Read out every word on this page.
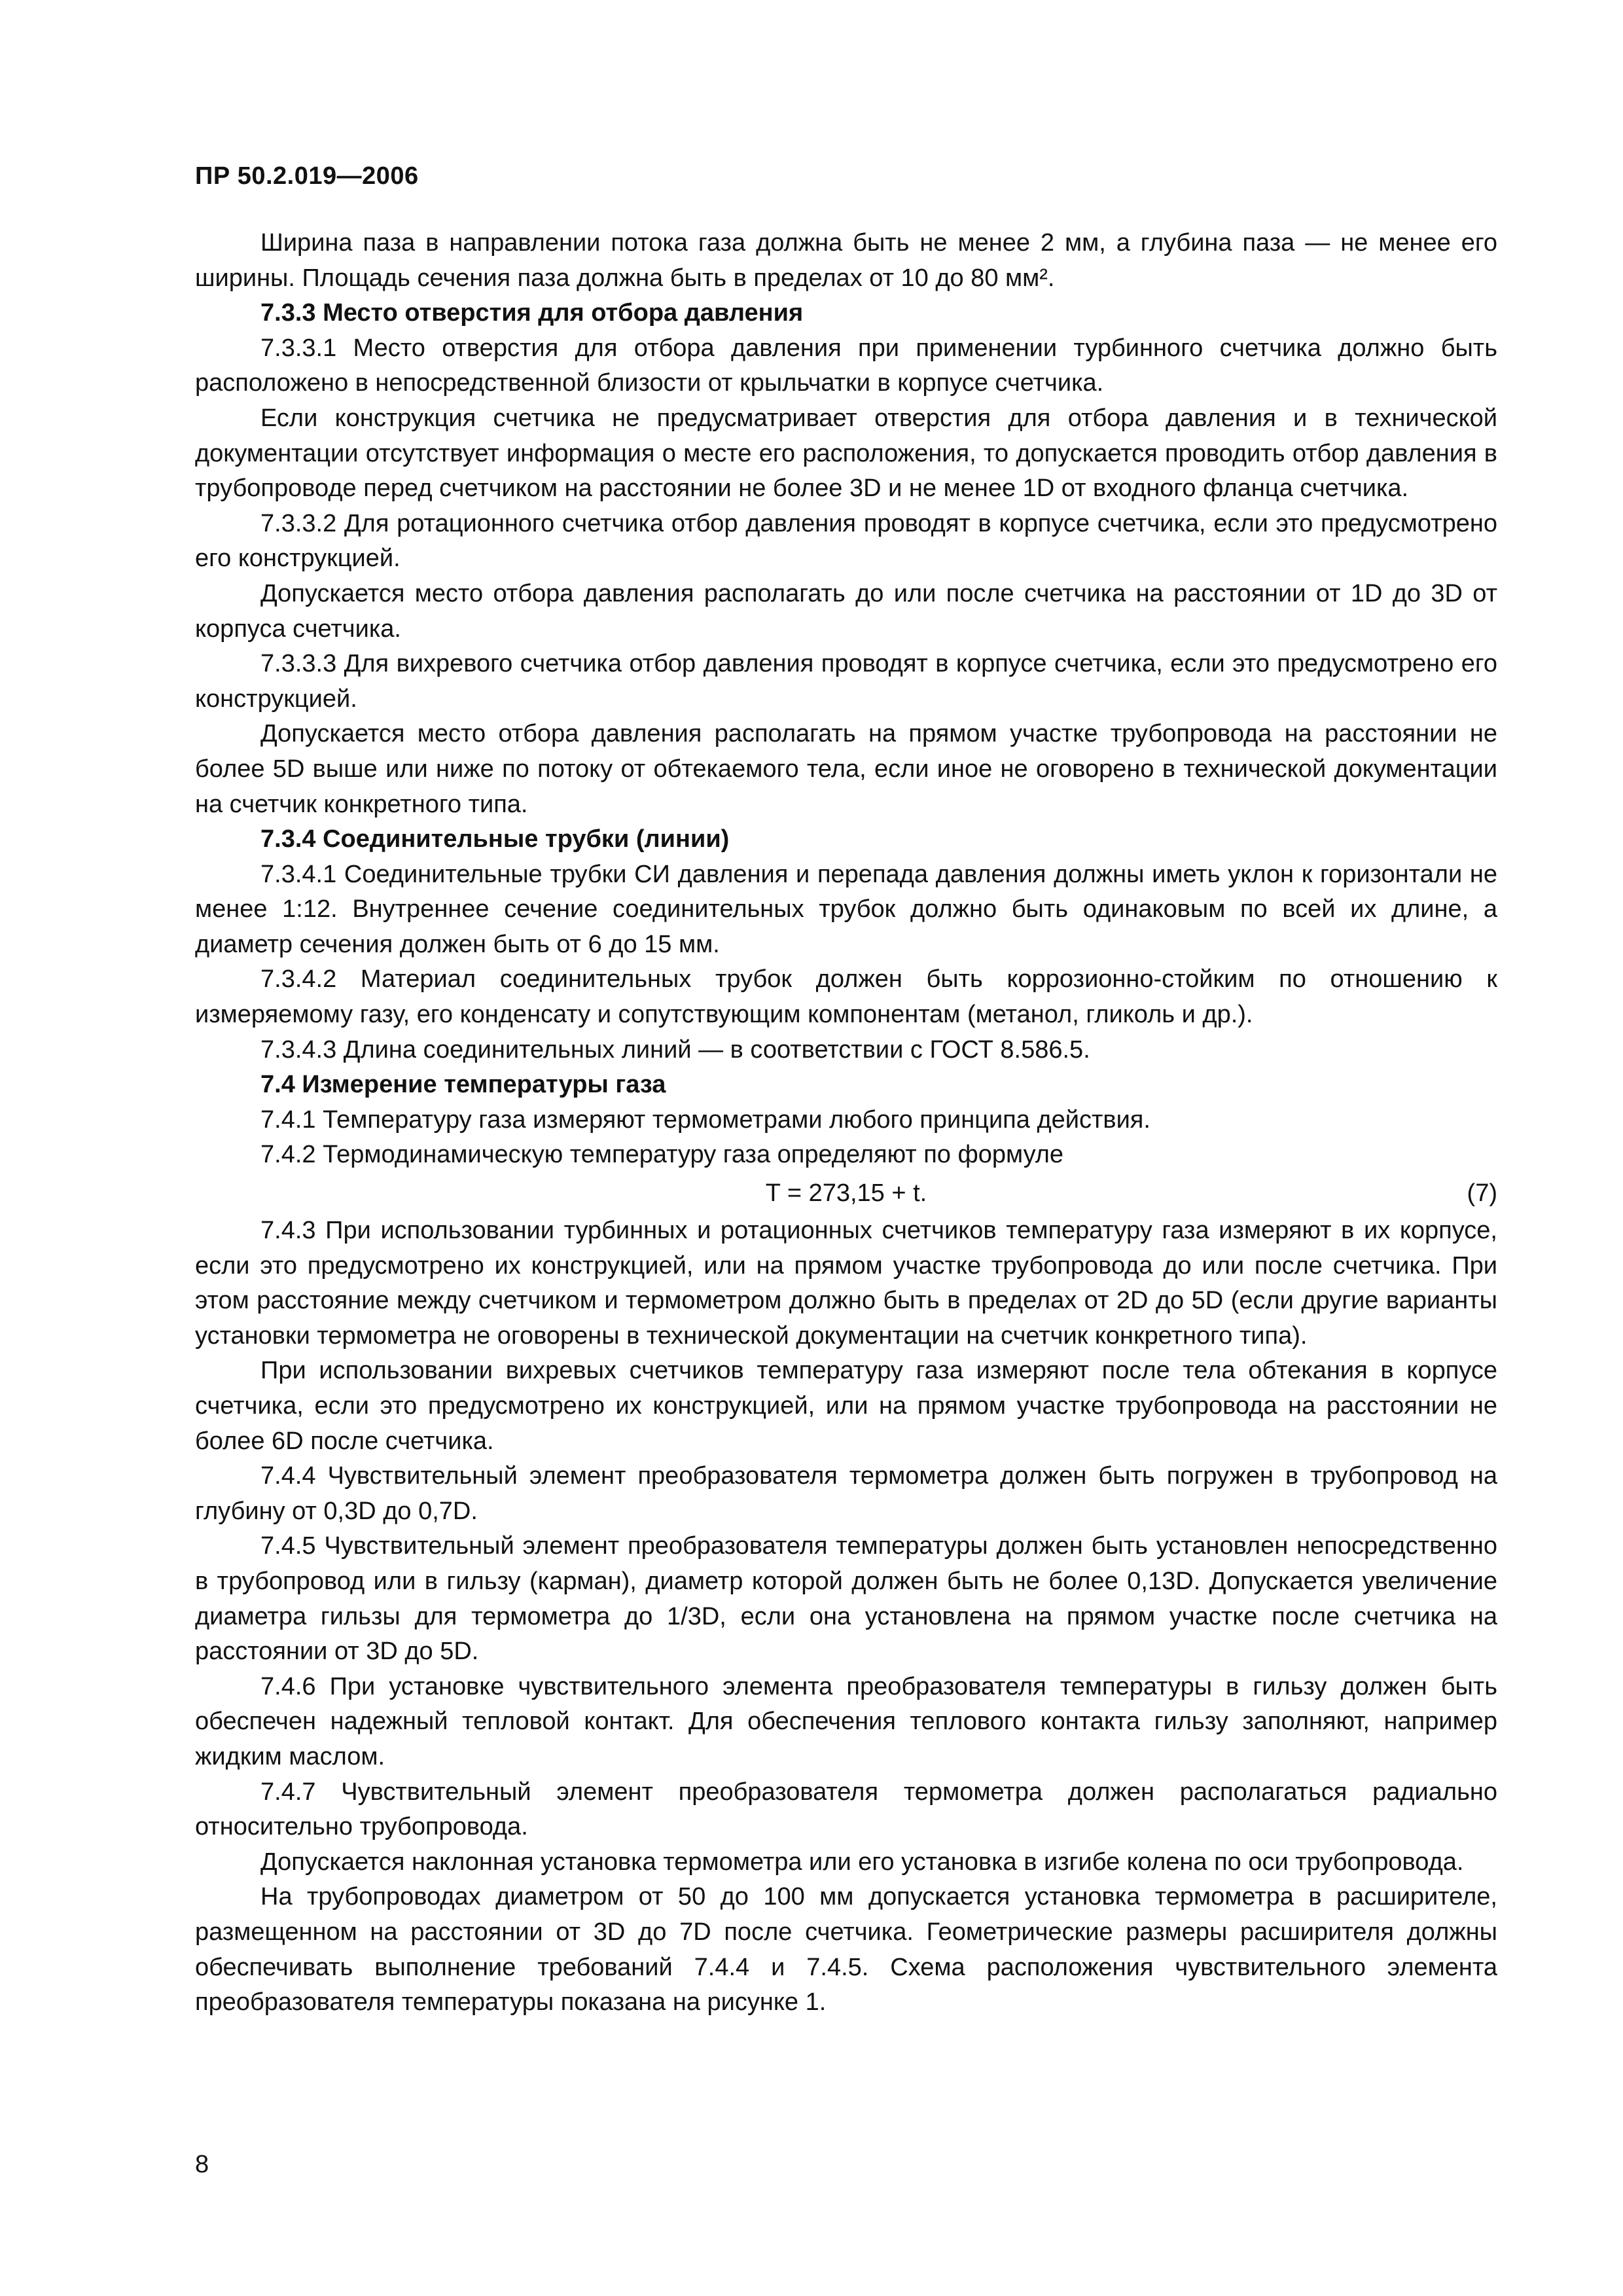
ПР 50.2.019—2006

Ширина паза в направлении потока газа должна быть не менее 2 мм, а глубина паза — не менее его ширины. Площадь сечения паза должна быть в пределах от 10 до 80 мм².

7.3.3 Место отверстия для отбора давления

7.3.3.1 Место отверстия для отбора давления при применении турбинного счетчика должно быть расположено в непосредственной близости от крыльчатки в корпусе счетчика.

Если конструкция счетчика не предусматривает отверстия для отбора давления и в технической документации отсутствует информация о месте его расположения, то допускается проводить отбор давления в трубопроводе перед счетчиком на расстоянии не более 3D и не менее 1D от входного фланца счетчика.

7.3.3.2 Для ротационного счетчика отбор давления проводят в корпусе счетчика, если это предусмотрено его конструкцией.

Допускается место отбора давления располагать до или после счетчика на расстоянии от 1D до 3D от корпуса счетчика.

7.3.3.3 Для вихревого счетчика отбор давления проводят в корпусе счетчика, если это предусмотрено его конструкцией.

Допускается место отбора давления располагать на прямом участке трубопровода на расстоянии не более 5D выше или ниже по потоку от обтекаемого тела, если иное не оговорено в технической документации на счетчик конкретного типа.

7.3.4 Соединительные трубки (линии)

7.3.4.1 Соединительные трубки СИ давления и перепада давления должны иметь уклон к горизонтали не менее 1:12. Внутреннее сечение соединительных трубок должно быть одинаковым по всей их длине, а диаметр сечения должен быть от 6 до 15 мм.

7.3.4.2 Материал соединительных трубок должен быть коррозионно-стойким по отношению к измеряемому газу, его конденсату и сопутствующим компонентам (метанол, гликоль и др.).

7.3.4.3 Длина соединительных линий — в соответствии с ГОСТ 8.586.5.

7.4 Измерение температуры газа

7.4.1 Температуру газа измеряют термометрами любого принципа действия.

7.4.2 Термодинамическую температуру газа определяют по формуле

T = 273,15 + t.	(7)

7.4.3 При использовании турбинных и ротационных счетчиков температуру газа измеряют в их корпусе, если это предусмотрено их конструкцией, или на прямом участке трубопровода до или после счетчика. При этом расстояние между счетчиком и термометром должно быть в пределах от 2D до 5D (если другие варианты установки термометра не оговорены в технической документации на счетчик конкретного типа).

При использовании вихревых счетчиков температуру газа измеряют после тела обтекания в корпусе счетчика, если это предусмотрено их конструкцией, или на прямом участке трубопровода на расстоянии не более 6D после счетчика.

7.4.4 Чувствительный элемент преобразователя термометра должен быть погружен в трубопровод на глубину от 0,3D до 0,7D.

7.4.5 Чувствительный элемент преобразователя температуры должен быть установлен непосредственно в трубопровод или в гильзу (карман), диаметр которой должен быть не более 0,13D. Допускается увеличение диаметра гильзы для термометра до 1/3D, если она установлена на прямом участке после счетчика на расстоянии от 3D до 5D.

7.4.6 При установке чувствительного элемента преобразователя температуры в гильзу должен быть обеспечен надежный тепловой контакт. Для обеспечения теплового контакта гильзу заполняют, например жидким маслом.

7.4.7 Чувствительный элемент преобразователя термометра должен располагаться радиально относительно трубопровода.

Допускается наклонная установка термометра или его установка в изгибе колена по оси трубопровода.

На трубопроводах диаметром от 50 до 100 мм допускается установка термометра в расширителе, размещенном на расстоянии от 3D до 7D после счетчика. Геометрические размеры расширителя должны обеспечивать выполнение требований 7.4.4 и 7.4.5. Схема расположения чувствительного элемента преобразователя температуры показана на рисунке 1.

8
